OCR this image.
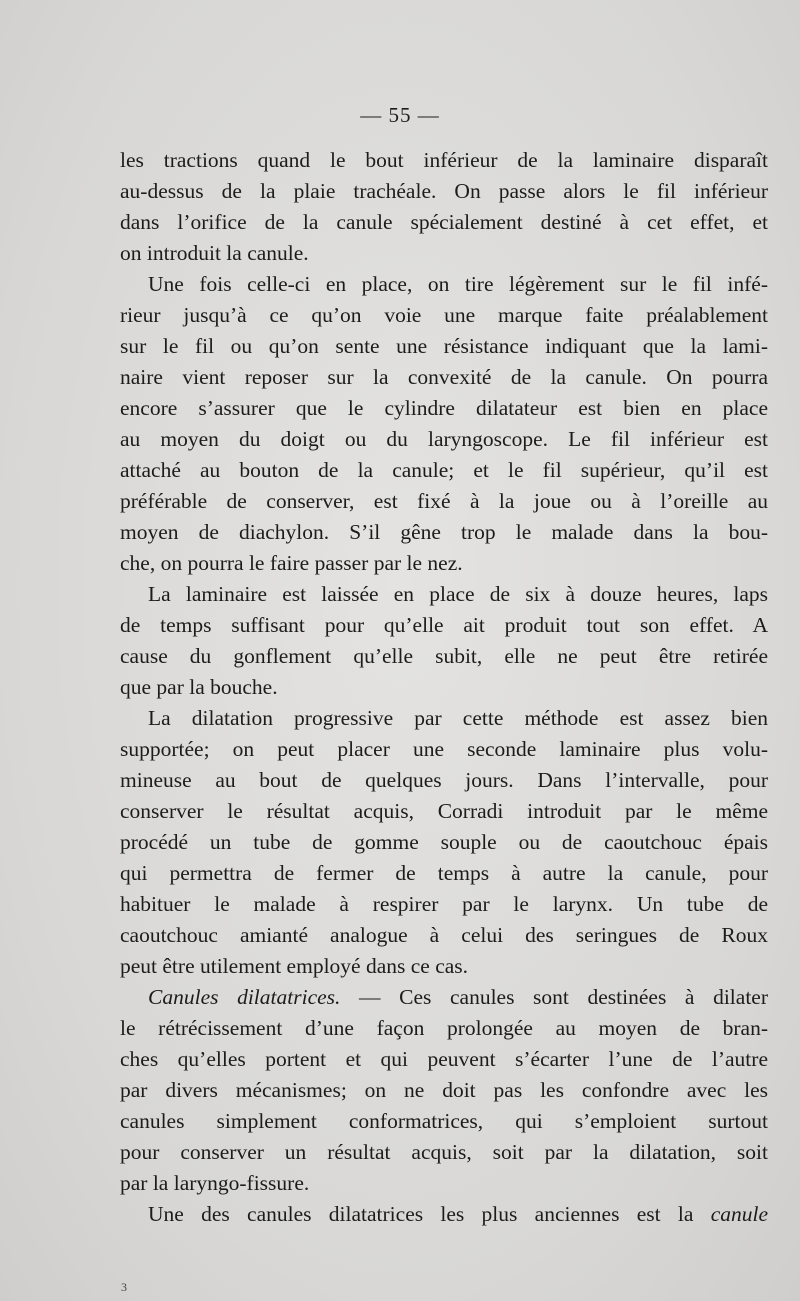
— 55 —
les tractions quand le bout inférieur de la laminaire disparaît
au-dessus de la plaie trachéale. On passe alors le fil inférieur
dans l’orifice de la canule spécialement destiné à cet effet, et
on introduit la canule.
Une fois celle-ci en place, on tire légèrement sur le fil infé-
rieur jusqu’à ce qu’on voie une marque faite préalablement
sur le fil ou qu’on sente une résistance indiquant que la lami-
naire vient reposer sur la convexité de la canule. On pourra
encore s’assurer que le cylindre dilatateur est bien en place
au moyen du doigt ou du laryngoscope. Le fil inférieur est
attaché au bouton de la canule; et le fil supérieur, qu’il est
préférable de conserver, est fixé à la joue ou à l’oreille au
moyen de diachylon. S’il gêne trop le malade dans la bou-
che, on pourra le faire passer par le nez.
La laminaire est laissée en place de six à douze heures, laps
de temps suffisant pour qu’elle ait produit tout son effet. A
cause du gonflement qu’elle subit, elle ne peut être retirée
que par la bouche.
La dilatation progressive par cette méthode est assez bien
supportée; on peut placer une seconde laminaire plus volu-
mineuse au bout de quelques jours. Dans l’intervalle, pour
conserver le résultat acquis, Corradi introduit par le même
procédé un tube de gomme souple ou de caoutchouc épais
qui permettra de fermer de temps à autre la canule, pour
habituer le malade à respirer par le larynx. Un tube de
caoutchouc amianté analogue à celui des seringues de Roux
peut être utilement employé dans ce cas.
Canules dilatatrices. — Ces canules sont destinées à dilater
le rétrécissement d’une façon prolongée au moyen de bran-
ches qu’elles portent et qui peuvent s’écarter l’une de l’autre
par divers mécanismes; on ne doit pas les confondre avec les
canules simplement conformatrices, qui s’emploient surtout
pour conserver un résultat acquis, soit par la dilatation, soit
par la laryngo-fissure.
Une des canules dilatatrices les plus anciennes est la canule
3
